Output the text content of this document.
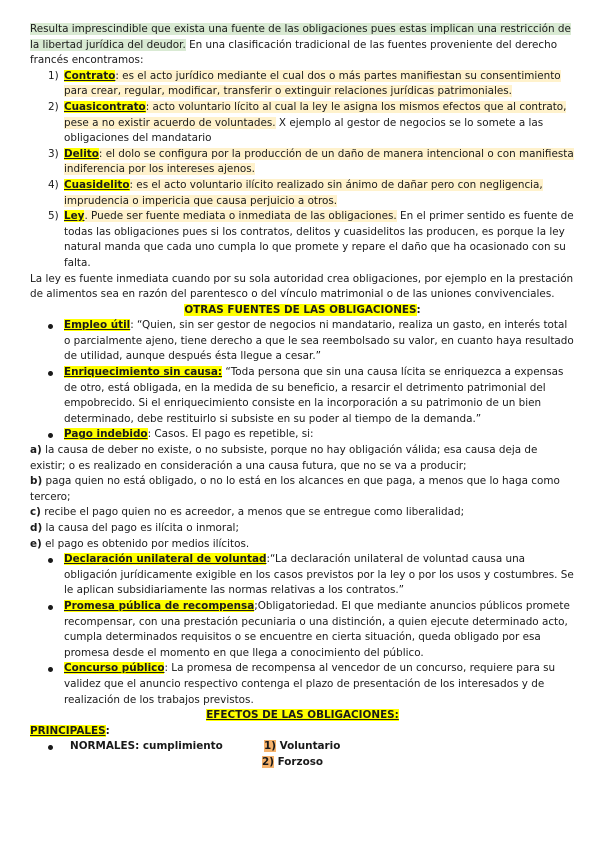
Resulta imprescindible que exista una fuente de las obligaciones pues estas implican una restricción de la libertad jurídica del deudor. En una clasificación tradicional de las fuentes proveniente del derecho francés encontramos:

1) Contrato: es el acto jurídico mediante el cual dos o más partes manifiestan su consentimiento para crear, regular, modificar, transferir o extinguir relaciones jurídicas patrimoniales.
2) Cuasicontrato: acto voluntario lícito al cual la ley le asigna los mismos efectos que al contrato, pese a no existir acuerdo de voluntades. X ejemplo al gestor de negocios se lo somete a las obligaciones del mandatario
3) Delito: el dolo se configura por la producción de un daño de manera intencional o con manifiesta indiferencia por los intereses ajenos.
4) Cuasidelito: es el acto voluntario ilícito realizado sin ánimo de dañar pero con negligencia, imprudencia o impericia que causa perjuicio a otros.
5) Ley. Puede ser fuente mediata o inmediata de las obligaciones. En el primer sentido es fuente de todas las obligaciones pues si los contratos, delitos y cuasidelitos las producen, es porque la ley natural manda que cada uno cumpla lo que promete y repare el daño que ha ocasionado con su falta.

La ley es fuente inmediata cuando por su sola autoridad crea obligaciones, por ejemplo en la prestación de alimentos sea en razón del parentesco o del vínculo matrimonial o de las uniones convivenciales.

OTRAS FUENTES DE LAS OBLIGACIONES:

Empleo útil: “Quien, sin ser gestor de negocios ni mandatario, realiza un gasto, en interés total o parcialmente ajeno, tiene derecho a que le sea reembolsado su valor, en cuanto haya resultado de utilidad, aunque después ésta llegue a cesar.”
Enriquecimiento sin causa: “Toda persona que sin una causa lícita se enriquezca a expensas de otro, está obligada, en la medida de su beneficio, a resarcir el detrimento patrimonial del empobrecido. Si el enriquecimiento consiste en la incorporación a su patrimonio de un bien determinado, debe restituirlo si subsiste en su poder al tiempo de la demanda.”
Pago indebido: Casos. El pago es repetible, si:

a) la causa de deber no existe, o no subsiste, porque no hay obligación válida; esa causa deja de existir; o es realizado en consideración a una causa futura, que no se va a producir;

b) paga quien no está obligado, o no lo está en los alcances en que paga, a menos que lo haga como tercero;

c) recibe el pago quien no es acreedor, a menos que se entregue como liberalidad;

d) la causa del pago es ilícita o inmoral;

e) el pago es obtenido por medios ilícitos.

Declaración unilateral de voluntad:“La declaración unilateral de voluntad causa una obligación jurídicamente exigible en los casos previstos por la ley o por los usos y costumbres. Se le aplican subsidiariamente las normas relativas a los contratos.”
Promesa pública de recompensa;Obligatoriedad. El que mediante anuncios públicos promete recompensar, con una prestación pecuniaria o una distinción, a quien ejecute determinado acto, cumpla determinados requisitos o se encuentre en cierta situación, queda obligado por esa promesa desde el momento en que llega a conocimiento del público.
Concurso público: La promesa de recompensa al vencedor de un concurso, requiere para su validez que el anuncio respectivo contenga el plazo de presentación de los interesados y de realización de los trabajos previstos.

EFECTOS DE LAS OBLIGACIONES:

PRINCIPALES:

NORMALES: cumplimiento	1) Voluntario
2) Forzoso
